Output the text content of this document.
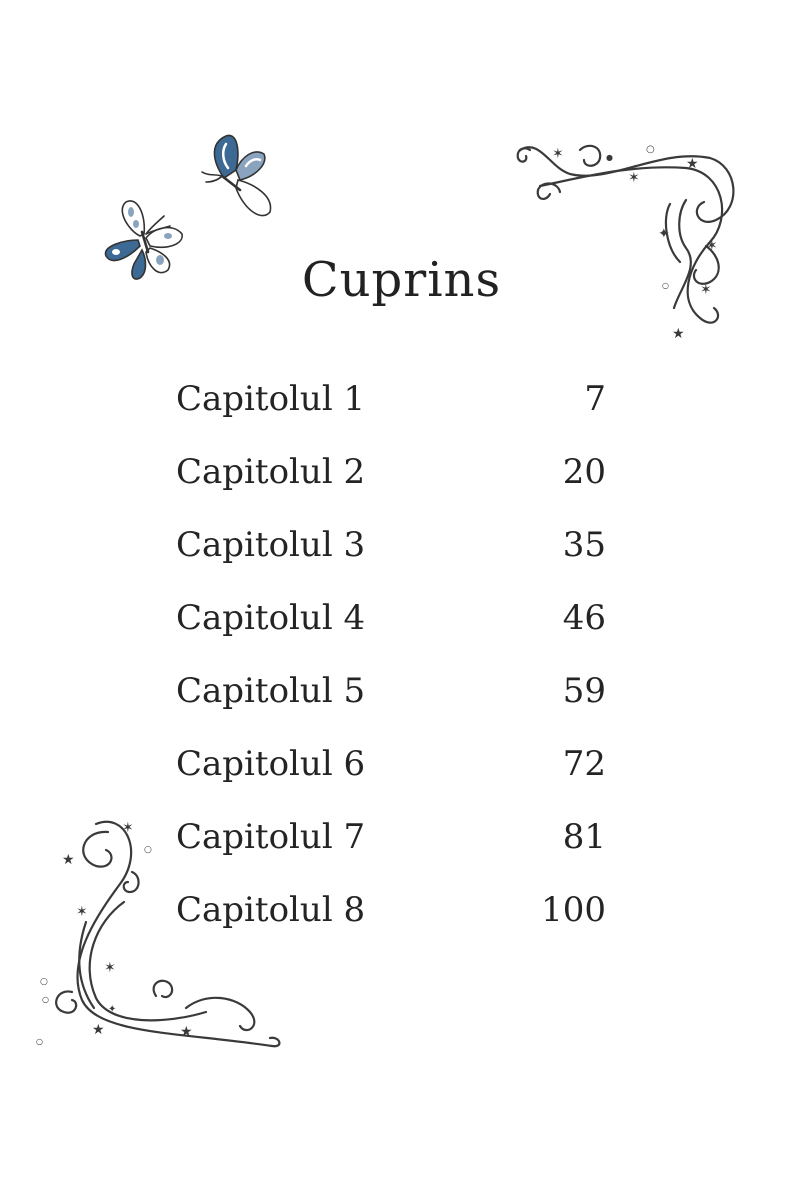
✶
✶
★
✦
✶
★
✶
●
○
○
✶
★
✶
✶
★	★
✦
○
○
○
○
Cuprins
Capitolul 1	7
Capitolul 2	20
Capitolul 3	35
Capitolul 4	46
Capitolul 5	59
Capitolul 6	72
Capitolul 7	81
Capitolul 8	100
